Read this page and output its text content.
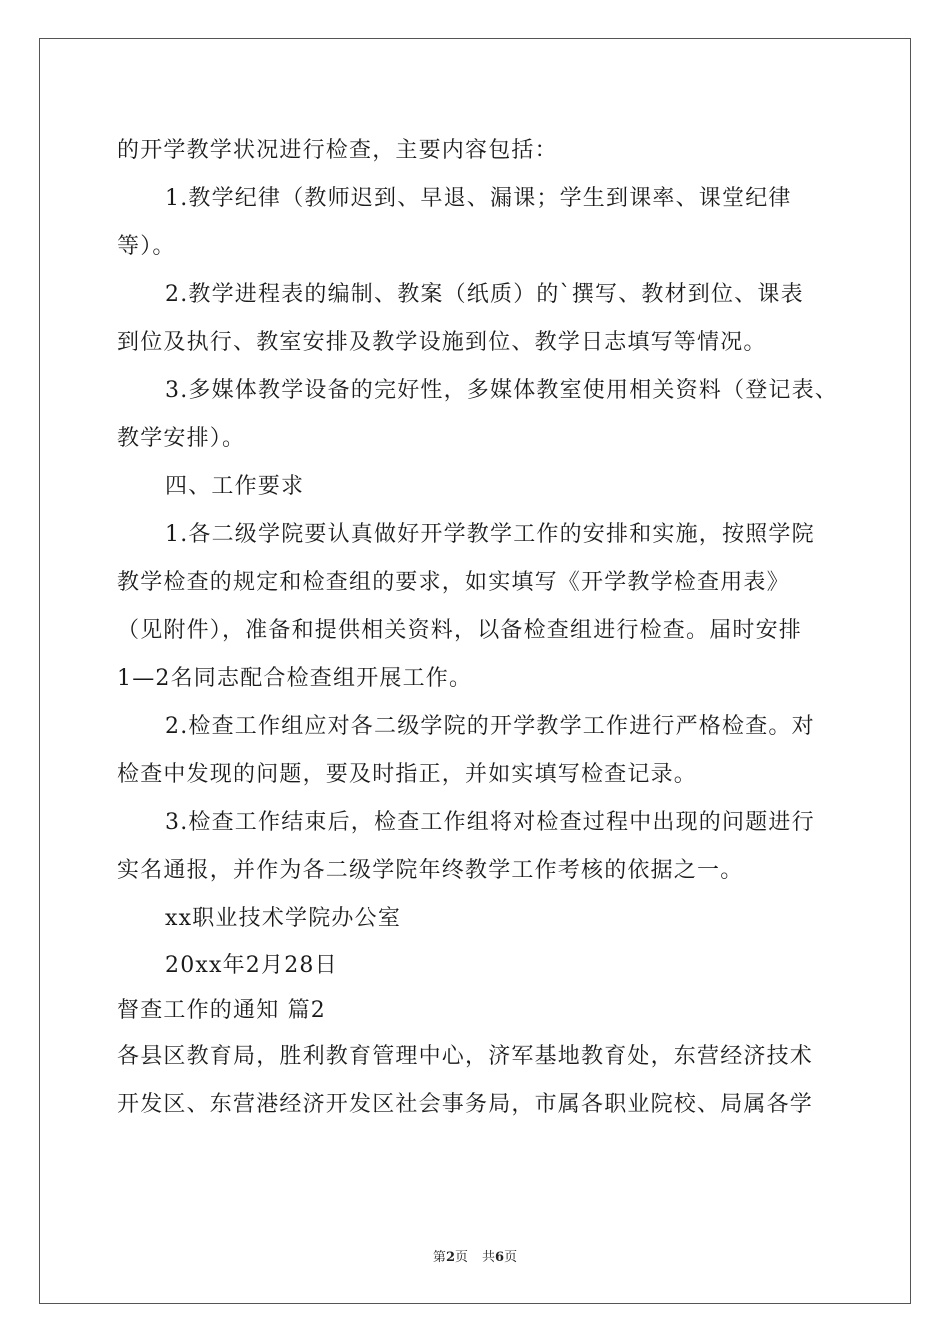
的开学教学状况进行检查，主要内容包括：
1.教学纪律（教师迟到、早退、漏课；学生到课率、课堂纪律
等）。
2.教学进程表的编制、教案（纸质）的`撰写、教材到位、课表
到位及执行、教室安排及教学设施到位、教学日志填写等情况。
3.多媒体教学设备的完好性，多媒体教室使用相关资料（登记表、
教学安排）。
四、工作要求
1.各二级学院要认真做好开学教学工作的安排和实施，按照学院
教学检查的规定和检查组的要求，如实填写《开学教学检查用表》
（见附件），准备和提供相关资料，以备检查组进行检查。届时安排
1—2名同志配合检查组开展工作。
2.检查工作组应对各二级学院的开学教学工作进行严格检查。对
检查中发现的问题，要及时指正，并如实填写检查记录。
3.检查工作结束后，检查工作组将对检查过程中出现的问题进行
实名通报，并作为各二级学院年终教学工作考核的依据之一。
xx职业技术学院办公室
20xx年2月28日
督查工作的通知 篇2
各县区教育局，胜利教育管理中心，济军基地教育处，东营经济技术
开发区、东营港经济开发区社会事务局，市属各职业院校、局属各学
第2页 共6页
